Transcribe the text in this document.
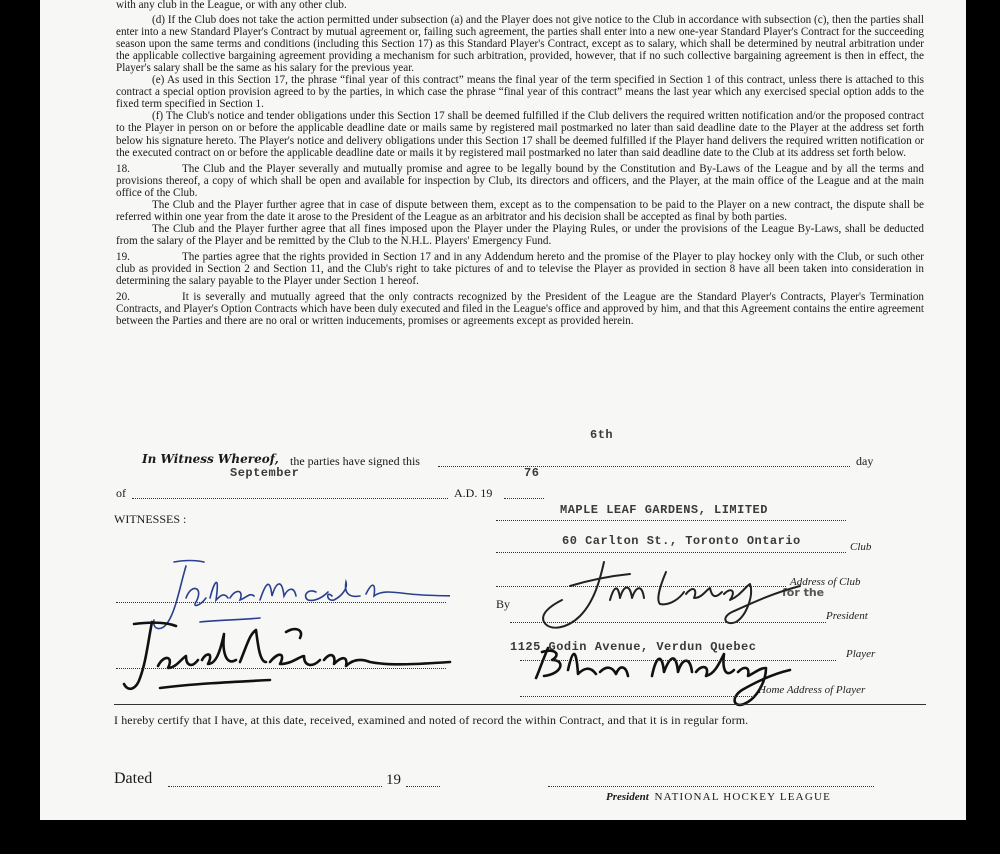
with any club in the League, or with any other club.

(d) If the Club does not take the action permitted under subsection (a) and the Player does not give notice to the Club in accordance with subsection (c), then the parties shall enter into a new Standard Player's Contract by mutual agreement or, failing such agreement, the parties shall enter into a new one-year Standard Player's Contract for the succeeding season upon the same terms and conditions (including this Section 17) as this Standard Player's Contract, except as to salary, which shall be determined by neutral arbitration under the applicable collective bargaining agreement providing a mechanism for such arbitration, provided, however, that if no such collective bargaining agreement is then in effect, the Player's salary shall be the same as his salary for the previous year.

(e) As used in this Section 17, the phrase “final year of this contract” means the final year of the term specified in Section 1 of this contract, unless there is attached to this contract a special option provision agreed to by the parties, in which case the phrase “final year of this contract” means the last year which any exercised special option adds to the fixed term specified in Section 1.

(f) The Club's notice and tender obligations under this Section 17 shall be deemed fulfilled if the Club delivers the required written notification and/or the proposed contract to the Player in person on or before the applicable deadline date or mails same by registered mail postmarked no later than said deadline date to the Player at the address set forth below his signature hereto. The Player's notice and delivery obligations under this Section 17 shall be deemed fulfilled if the Player hand delivers the required written notification or the executed contract on or before the applicable deadline date or mails it by registered mail postmarked no later than said deadline date to the Club at its address set forth below.

18.	The Club and the Player severally and mutually promise and agree to be legally bound by the Constitution and By-Laws of the League and by all the terms and provisions thereof, a copy of which shall be open and available for inspection by Club, its directors and officers, and the Player, at the main office of the League and at the main office of the Club.

The Club and the Player further agree that in case of dispute between them, except as to the compensation to be paid to the Player on a new contract, the dispute shall be referred within one year from the date it arose to the President of the League as an arbitrator and his decision shall be accepted as final by both parties.

The Club and the Player further agree that all fines imposed upon the Player under the Playing Rules, or under the provisions of the League By-Laws, shall be deducted from the salary of the Player and be remitted by the Club to the N.H.L. Players' Emergency Fund.

19.	The parties agree that the rights provided in Section 17 and in any Addendum hereto and the promise of the Player to play hockey only with the Club, or such other club as provided in Section 2 and Section 11, and the Club's right to take pictures of and to televise the Player as provided in section 8 have all been taken into consideration in determining the salary payable to the Player under Section 1 hereof.

20.	It is severally and mutually agreed that the only contracts recognized by the President of the League are the Standard Player's Contracts, Player's Termination Contracts, and Player's Option Contracts which have been duly executed and filed in the League's office and approved by him, and that this Agreement contains the entire agreement between the Parties and there are no oral or written inducements, promises or agreements except as provided herein.

6th
In Witness Whereof, the parties have signed this	day
September	76
of	A.D. 19
MAPLE LEAF GARDENS, LIMITED
WITNESSES :
60 Carlton St., Toronto Ontario	Club
Address of Club
By
for the
President
1125 Godin Avenue, Verdun Quebec	Player
Home Address of Player
I hereby certify that I have, at this date, received, examined and noted of record the within Contract, and that it is in regular form.
Dated	19
President NATIONAL HOCKEY LEAGUE
